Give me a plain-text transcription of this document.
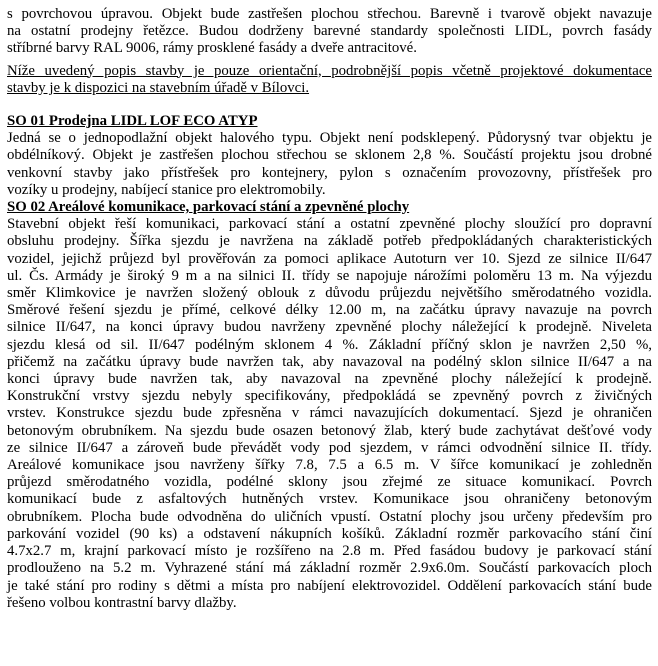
s povrchovou úpravou. Objekt bude zastřešen plochou střechou. Barevně i tvarově objekt navazuje
na ostatní prodejny řetězce. Budou dodrženy barevné standardy společnosti LIDL, povrch fasády
stříbrné barvy RAL 9006, rámy prosklené fasády a dveře antracitové.
Níže uvedený popis stavby je pouze orientační, podrobnější popis včetně projektové dokumentace
stavby je k dispozici na stavebním úřadě v Bílovci.
SO 01 Prodejna LIDL LOF ECO ATYP
Jedná se o jednopodlažní objekt halového typu. Objekt není podsklepený. Půdorysný tvar objektu je
obdélníkový. Objekt je zastřešen plochou střechou se sklonem 2,8 %. Součástí projektu jsou drobné
venkovní stavby jako přístřešek pro kontejnery, pylon s označením provozovny, přístřešek pro
vozíky u prodejny, nabíjecí stanice pro elektromobily.
SO 02 Areálové komunikace, parkovací stání a zpevněné plochy
Stavební objekt řeší komunikaci, parkovací stání a ostatní zpevněné plochy sloužící pro dopravní
obsluhu prodejny. Šířka sjezdu je navržena na základě potřeb předpokládaných charakteristických
vozidel, jejichž průjezd byl prověřován za pomoci aplikace Autoturn ver 10. Sjezd ze silnice II/647
ul. Čs. Armády je široký 9 m a na silnici II. třídy se napojuje nárožími poloměru 13 m. Na výjezdu
směr Klimkovice je navržen složený oblouk z důvodu průjezdu největšího směrodatného vozidla.
Směrové řešení sjezdu je přímé, celkové délky 12.00 m, na začátku úpravy navazuje na povrch
silnice II/647, na konci úpravy budou navrženy zpevněné plochy náležející k prodejně. Niveleta
sjezdu klesá od sil. II/647 podélným sklonem 4 %. Základní příčný sklon je navržen 2,50 %,
přičemž na začátku úpravy bude navržen tak, aby navazoval na podélný sklon silnice II/647 a na
konci úpravy bude navržen tak, aby navazoval na zpevněné plochy náležející k prodejně.
Konstrukční vrstvy sjezdu nebyly specifikovány, předpokládá se zpevněný povrch z živičných
vrstev. Konstrukce sjezdu bude zpřesněna v rámci navazujících dokumentací. Sjezd je ohraničen
betonovým obrubníkem. Na sjezdu bude osazen betonový žlab, který bude zachytávat dešťové vody
ze silnice II/647 a zároveň bude převádět vody pod sjezdem, v rámci odvodnění silnice II. třídy.
Areálové komunikace jsou navrženy šířky 7.8, 7.5 a 6.5 m. V šířce komunikací je zohledněn
průjezd směrodatného vozidla, podélné sklony jsou zřejmé ze situace komunikací. Povrch
komunikací bude z asfaltových hutněných vrstev. Komunikace jsou ohraničeny betonovým
obrubníkem. Plocha bude odvodněna do uličních vpustí. Ostatní plochy jsou určeny především pro
parkování vozidel (90 ks) a odstavení nákupních košíků. Základní rozměr parkovacího stání činí
4.7x2.7 m, krajní parkovací místo je rozšířeno na 2.8 m. Před fasádou budovy je parkovací stání
prodlouženo na 5.2 m. Vyhrazené stání má základní rozměr 2.9x6.0m. Součástí parkovacích ploch
je také stání pro rodiny s dětmi a místa pro nabíjení elektrovozidel. Oddělení parkovacích stání bude
řešeno volbou kontrastní barvy dlažby.
